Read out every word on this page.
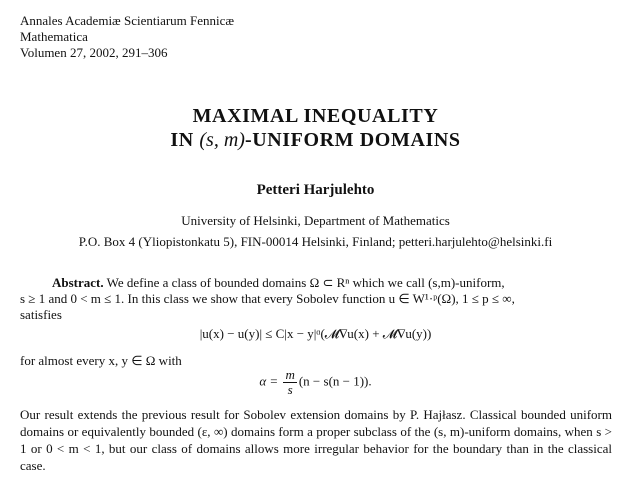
Annales Academiæ Scientiarum Fennicæ
Mathematica
Volumen 27, 2002, 291–306
MAXIMAL INEQUALITY
IN (s, m)-UNIFORM DOMAINS
Petteri Harjulehto
University of Helsinki, Department of Mathematics
P.O. Box 4 (Yliopistonkatu 5), FIN-00014 Helsinki, Finland; petteri.harjulehto@helsinki.fi
Abstract. We define a class of bounded domains Ω ⊂ Rⁿ which we call (s,m)-uniform,
s ≥ 1 and 0 < m ≤ 1. In this class we show that every Sobolev function u ∈ W¹·ᵖ(Ω), 1 ≤ p ≤ ∞,
satisfies
|u(x) − u(y)| ≤ C|x − y|ᵅ(𝓜∇u(x) + 𝓜∇u(y))
for almost every x, y ∈ Ω with
$\alpha = \frac{m}{s} (n - s(n - 1))$.
Our result extends the previous result for Sobolev extension domains by P. Hajłasz. Classical bounded uniform domains or equivalently bounded (ε, ∞) domains form a proper subclass of the (s, m)-uniform domains, when s > 1 or 0 < m < 1, but our class of domains allows more irregular behavior for the boundary than in the classical case.
